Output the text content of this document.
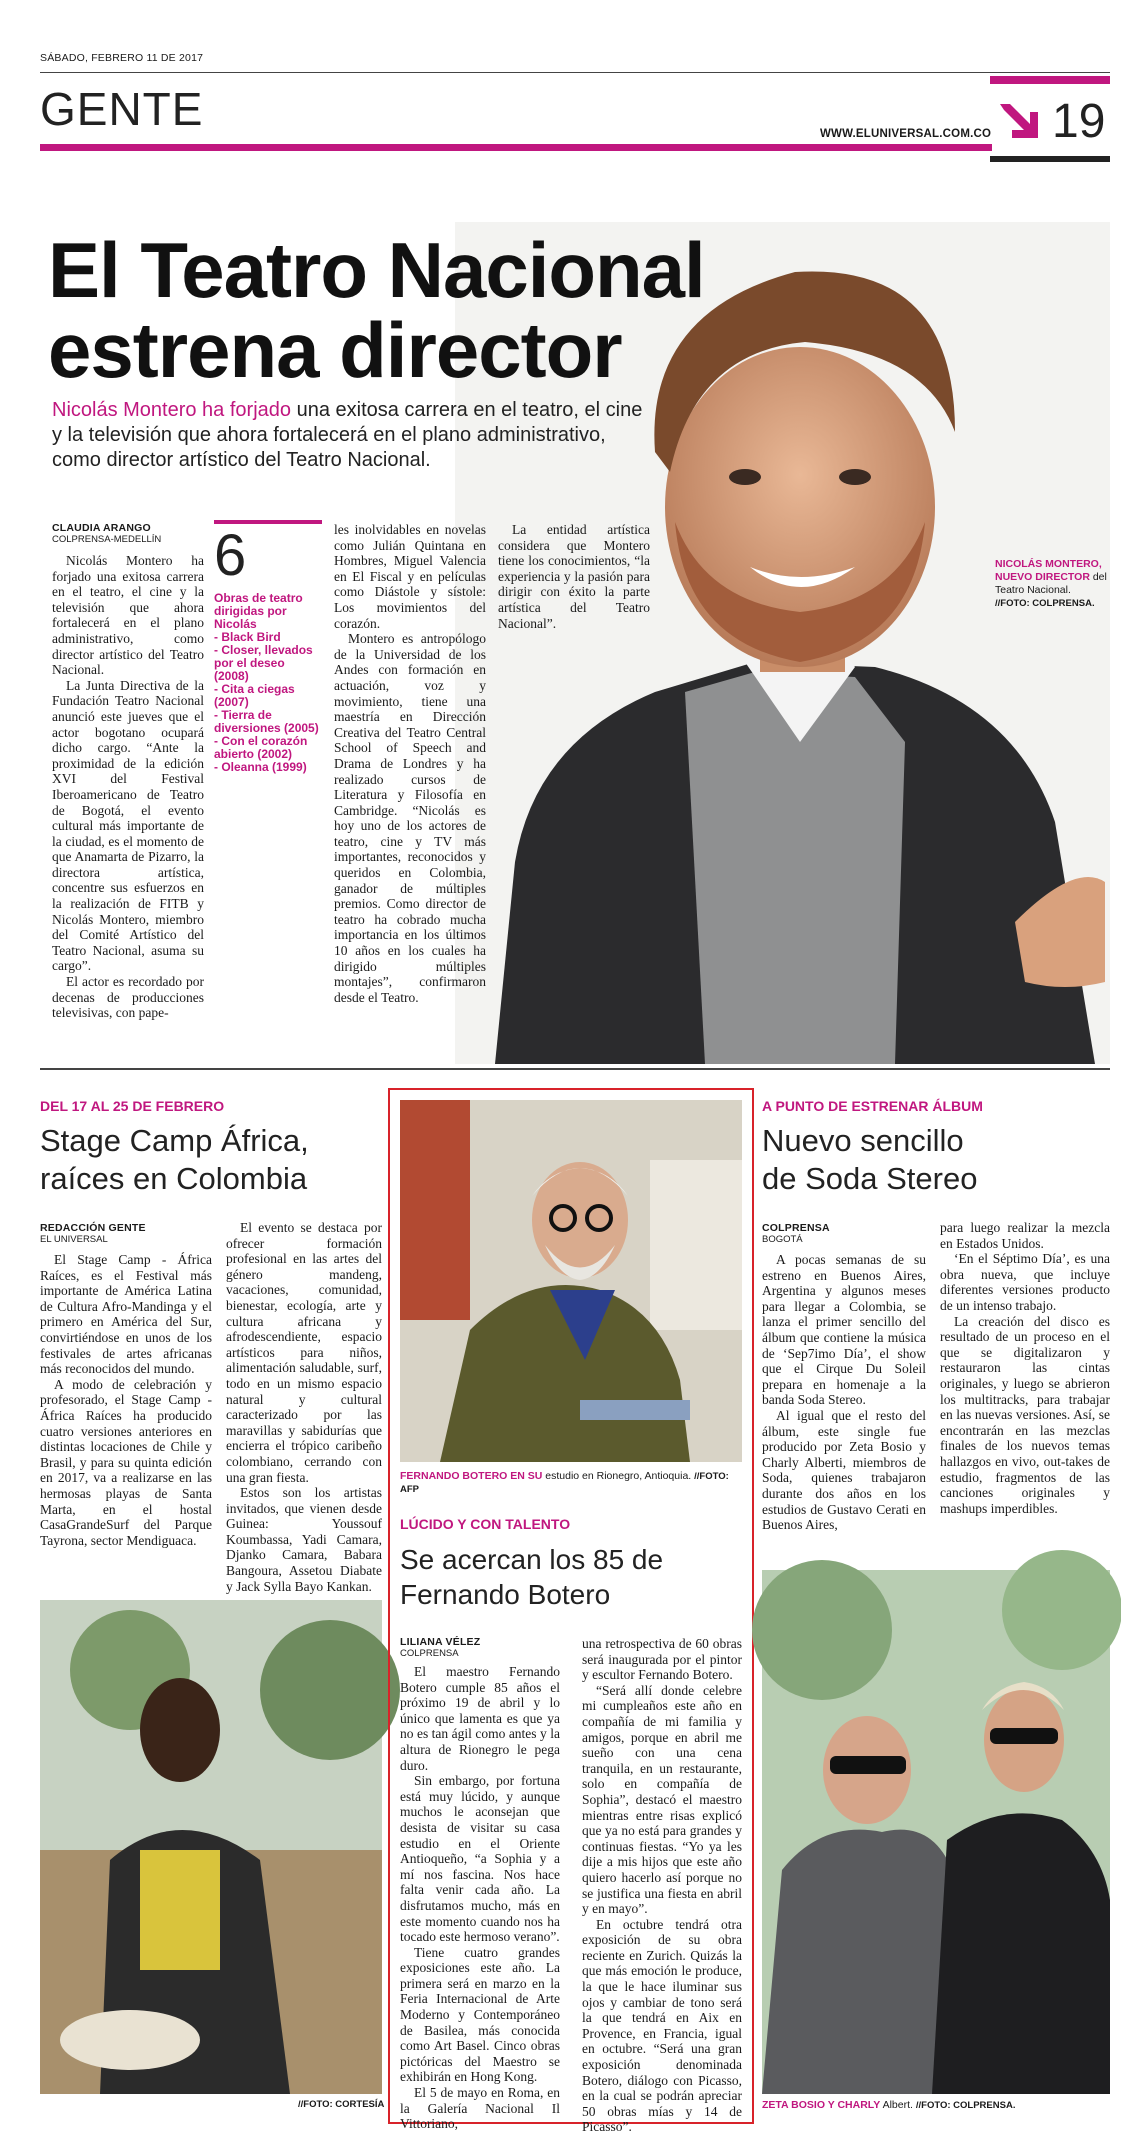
SÁBADO, FEBRERO 11 DE 2017
GENTE	WWW.ELUNIVERSAL.COM.CO 19
El Teatro Nacional
estrena director
Nicolás Montero ha forjado una exitosa carrera en el teatro, el cine y la televisión que ahora fortalecerá en el plano administrativo, como director artístico del Teatro Nacional.
CLAUDIA ARANGO
COLPRENSA-MEDELLÍN

Nicolás Montero ha forjado una exitosa carrera en el teatro, el cine y la televisión que ahora fortalecerá en el plano administrativo, como director artístico del Teatro Nacional.

La Junta Directiva de la Fundación Teatro Nacional anunció este jueves que el actor bogotano ocupará dicho cargo. “Ante la proximidad de la edición XVI del Festival Iberoamericano de Teatro de Bogotá, el evento cultural más importante de la ciudad, es el momento de que Anamarta de Pizarro, la directora artística, concentre sus esfuerzos en la realización de FITB y Nicolás Montero, miembro del Comité Artístico del Teatro Nacional, asuma su cargo”.

El actor es recordado por decenas de producciones televisivas, con pape-

6
Obras de teatro dirigidas por Nicolás
- Black Bird
- Closer, llevados por el deseo (2008)
- Cita a ciegas (2007)
- Tierra de diversiones (2005)
- Con el corazón abierto (2002)
- Oleanna (1999)

les inolvidables en novelas como Julián Quintana en Hombres, Miguel Valencia en El Fiscal y en películas como Diástole y sístole: Los movimientos del corazón.

Montero es antropólogo de la Universidad de los Andes con formación en actuación, voz y movimiento, tiene una maestría en Dirección Creativa del Teatro Central School of Speech and Drama de Londres y ha realizado cursos de Literatura y Filosofía en Cambridge. “Nicolás es hoy uno de los actores de teatro, cine y TV más importantes, reconocidos y queridos en Colombia, ganador de múltiples premios. Como director de teatro ha cobrado mucha importancia en los últimos 10 años en los cuales ha dirigido múltiples montajes”, confirmaron desde el Teatro.

La entidad artística considera que Montero tiene los conocimientos, “la experiencia y la pasión para dirigir con éxito la parte artística del Teatro Nacional”.

NICOLÁS MONTERO, NUEVO DIRECTOR del Teatro Nacional.
//FOTO: COLPRENSA.
DEL 17 AL 25 DE FEBRERO
Stage Camp África, raíces en Colombia
REDACCIÓN GENTE
EL UNIVERSAL

El Stage Camp - África Raíces, es el Festival más importante de América Latina de Cultura Afro-Mandinga y el primero en América del Sur, convirtiéndose en unos de los festivales de artes africanas más reconocidos del mundo.

A modo de celebración y profesorado, el Stage Camp - África Raíces ha producido cuatro versiones anteriores en distintas locaciones de Chile y Brasil, y para su quinta edición en 2017, va a realizarse en las hermosas playas de Santa Marta, en el hostal CasaGrandeSurf del Parque Tayrona, sector Mendiguaca.

El evento se destaca por ofrecer formación profesional en las artes del género mandeng, vacaciones, comunidad, bienestar, ecología, arte y cultura africana y afrodescendiente, espacio artísticos para niños, alimentación saludable, surf, todo en un mismo espacio natural y cultural caracterizado por las maravillas y sabidurías que encierra el trópico caribeño colombiano, cerrando con una gran fiesta.

Estos son los artistas invitados, que vienen desde Guinea: Youssouf Koumbassa, Yadi Camara, Djanko Camara, Babara Bangoura, Assetou Diabate y Jack Sylla Bayo Kankan.

//FOTO: CORTESÍA
FERNANDO BOTERO EN SU estudio en Rionegro, Antioquia. //FOTO: AFP
LÚCIDO Y CON TALENTO
Se acercan los 85 de Fernando Botero
LILIANA VÉLEZ
COLPRENSA

El maestro Fernando Botero cumple 85 años el próximo 19 de abril y lo único que lamenta es que ya no es tan ágil como antes y la altura de Rionegro le pega duro.

Sin embargo, por fortuna está muy lúcido, y aunque muchos le aconsejan que desista de visitar su casa estudio en el Oriente Antioqueño, “a Sophia y a mí nos fascina. Nos hace falta venir cada año. La disfrutamos mucho, más en este momento cuando nos ha tocado este hermoso verano”.

Tiene cuatro grandes exposiciones este año. La primera será en marzo en la Feria Internacional de Arte Moderno y Contemporáneo de Basilea, más conocida como Art Basel. Cinco obras pictóricas del Maestro se exhibirán en Hong Kong.

El 5 de mayo en Roma, en la Galería Nacional Il Vittoriano,

una retrospectiva de 60 obras será inaugurada por el pintor y escultor Fernando Botero.

“Será allí donde celebre mi cumpleaños este año en compañía de mi familia y amigos, porque en abril me sueño con una cena tranquila, en un restaurante, solo en compañía de Sophia”, destacó el maestro mientras entre risas explicó que ya no está para grandes y continuas fiestas. “Yo ya les dije a mis hijos que este año quiero hacerlo así porque no se justifica una fiesta en abril y en mayo”.

En octubre tendrá otra exposición de su obra reciente en Zurich. Quizás la que más emoción le produce, la que le hace iluminar sus ojos y cambiar de tono será la que tendrá en Aix en Provence, en Francia, igual en octubre. “Será una gran exposición denominada Botero, diálogo con Picasso, en la cual se podrán apreciar 50 obras mías y 14 de Picasso”.

A PUNTO DE ESTRENAR ÁLBUM
Nuevo sencillo de Soda Stereo
COLPRENSA
BOGOTÁ

A pocas semanas de su estreno en Buenos Aires, Argentina y algunos meses para llegar a Colombia, se lanza el primer sencillo del álbum que contiene la música de ‘Sep7imo Día’, el show que el Cirque Du Soleil prepara en homenaje a la banda Soda Stereo.

Al igual que el resto del álbum, este single fue producido por Zeta Bosio y Charly Alberti, miembros de Soda, quienes trabajaron durante dos años en los estudios de Gustavo Cerati en Buenos Aires,

para luego realizar la mezcla en Estados Unidos.

‘En el Séptimo Día’, es una obra nueva, que incluye diferentes versiones producto de un intenso trabajo.

La creación del disco es resultado de un proceso en el que se digitalizaron y restauraron las cintas originales, y luego se abrieron los multitracks, para trabajar en las nuevas versiones. Así, se encontrarán en las mezclas finales de los nuevos temas hallazgos en vivo, out-takes de estudio, fragmentos de las canciones originales y mashups imperdibles.

ZETA BOSIO Y CHARLY Albert. //FOTO: COLPRENSA.
